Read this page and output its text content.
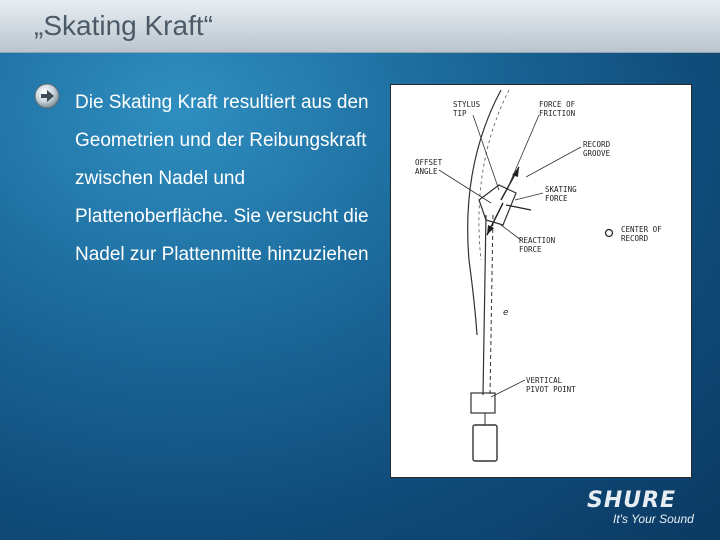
„Skating Kraft“
Die Skating Kraft resultiert aus den Geometrien und der Reibungskraft zwischen Nadel und Plattenoberfläche. Sie versucht die Nadel zur Plattenmitte hinzuziehen
STYLUS
TIP
FORCE OF
FRICTION
RECORD
GROOVE
OFFSET
ANGLE
SKATING
FORCE
CENTER OF
RECORD
REACTION
FORCE
VERTICAL
PIVOT POINT
e
SHURE
It's Your Sound
